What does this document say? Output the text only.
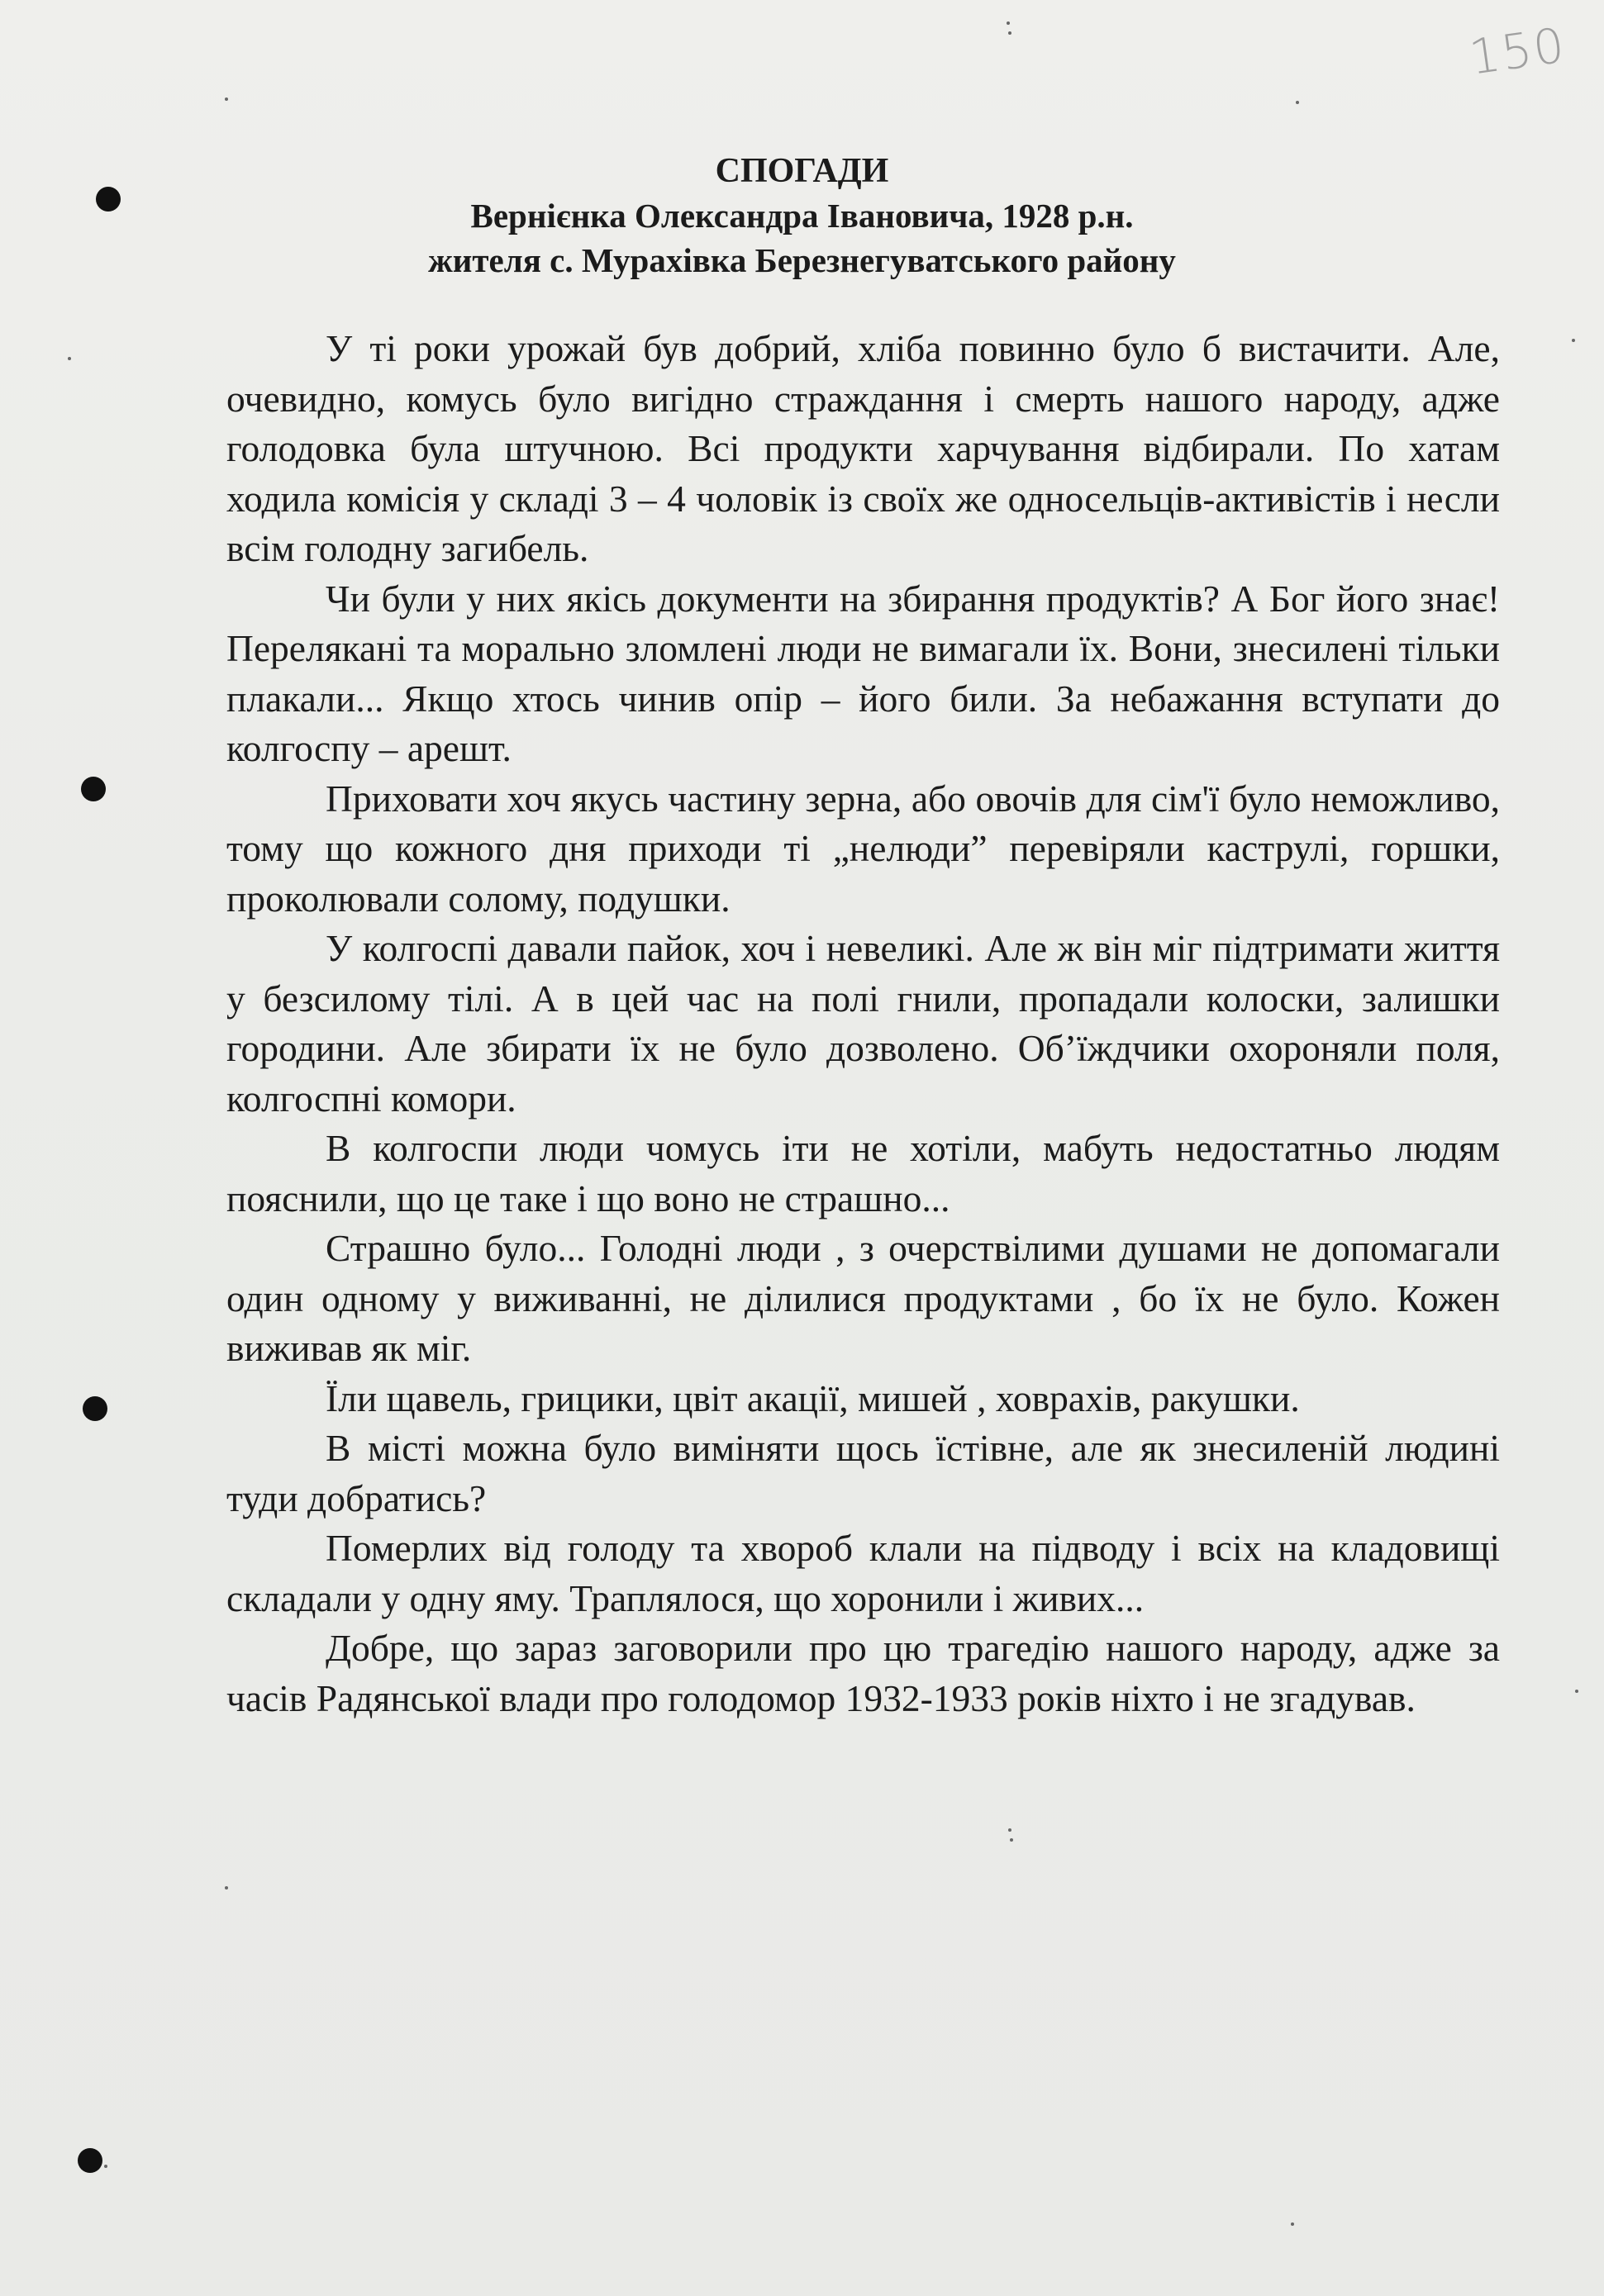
150

СПОГАДИ

Вернієнка Олександра Івановича, 1928 р.н.

жителя с. Мурахівка Березнегуватського району

У ті роки урожай був добрий, хліба повинно було б вистачити. Але, очевидно, комусь було вигідно страждання і смерть нашого народу, адже голодовка була штучною. Всі продукти харчування відбирали. По хатам ходила комісія у складі 3 – 4 чоловік із своїх же односельців-активістів і несли всім голодну загибель.

Чи були у них якісь документи на збирання продуктів? А Бог його знає! Перелякані та морально зломлені люди не вимагали їх. Вони, знесилені тільки плакали... Якщо хтось чинив опір – його били. За небажання вступати до колгоспу – арешт.

Приховати хоч якусь частину зерна, або овочів для сім'ї було неможливо, тому що кожного дня приходи ті „нелюди” перевіряли каструлі, горшки, проколювали солому, подушки.

У колгоспі давали пайок, хоч і невеликі. Але ж він міг підтримати життя у безсилому тілі. А в цей час на полі гнили, пропадали колоски, залишки городини. Але збирати їх не було дозволено. Об’їждчики охороняли поля, колгоспні комори.

В колгоспи люди чомусь іти не хотіли, мабуть недостатньо людям пояснили, що це таке і що воно не страшно...

Страшно було... Голодні люди , з очерствілими душами не допомагали один одному у виживанні, не ділилися продуктами , бо їх не було. Кожен виживав як міг.

Їли щавель, грицики, цвіт акації, мишей , ховрахів, ракушки.

В місті можна було виміняти щось їстівне, але як знесиленій людині туди добратись?

Померлих від голоду та хвороб клали на підводу і всіх на кладовищі складали у одну яму. Траплялося, що хоронили і живих...

Добре, що зараз заговорили про цю трагедію нашого народу, адже за часів Радянської влади про голодомор 1932-1933 років ніхто і не згадував.
